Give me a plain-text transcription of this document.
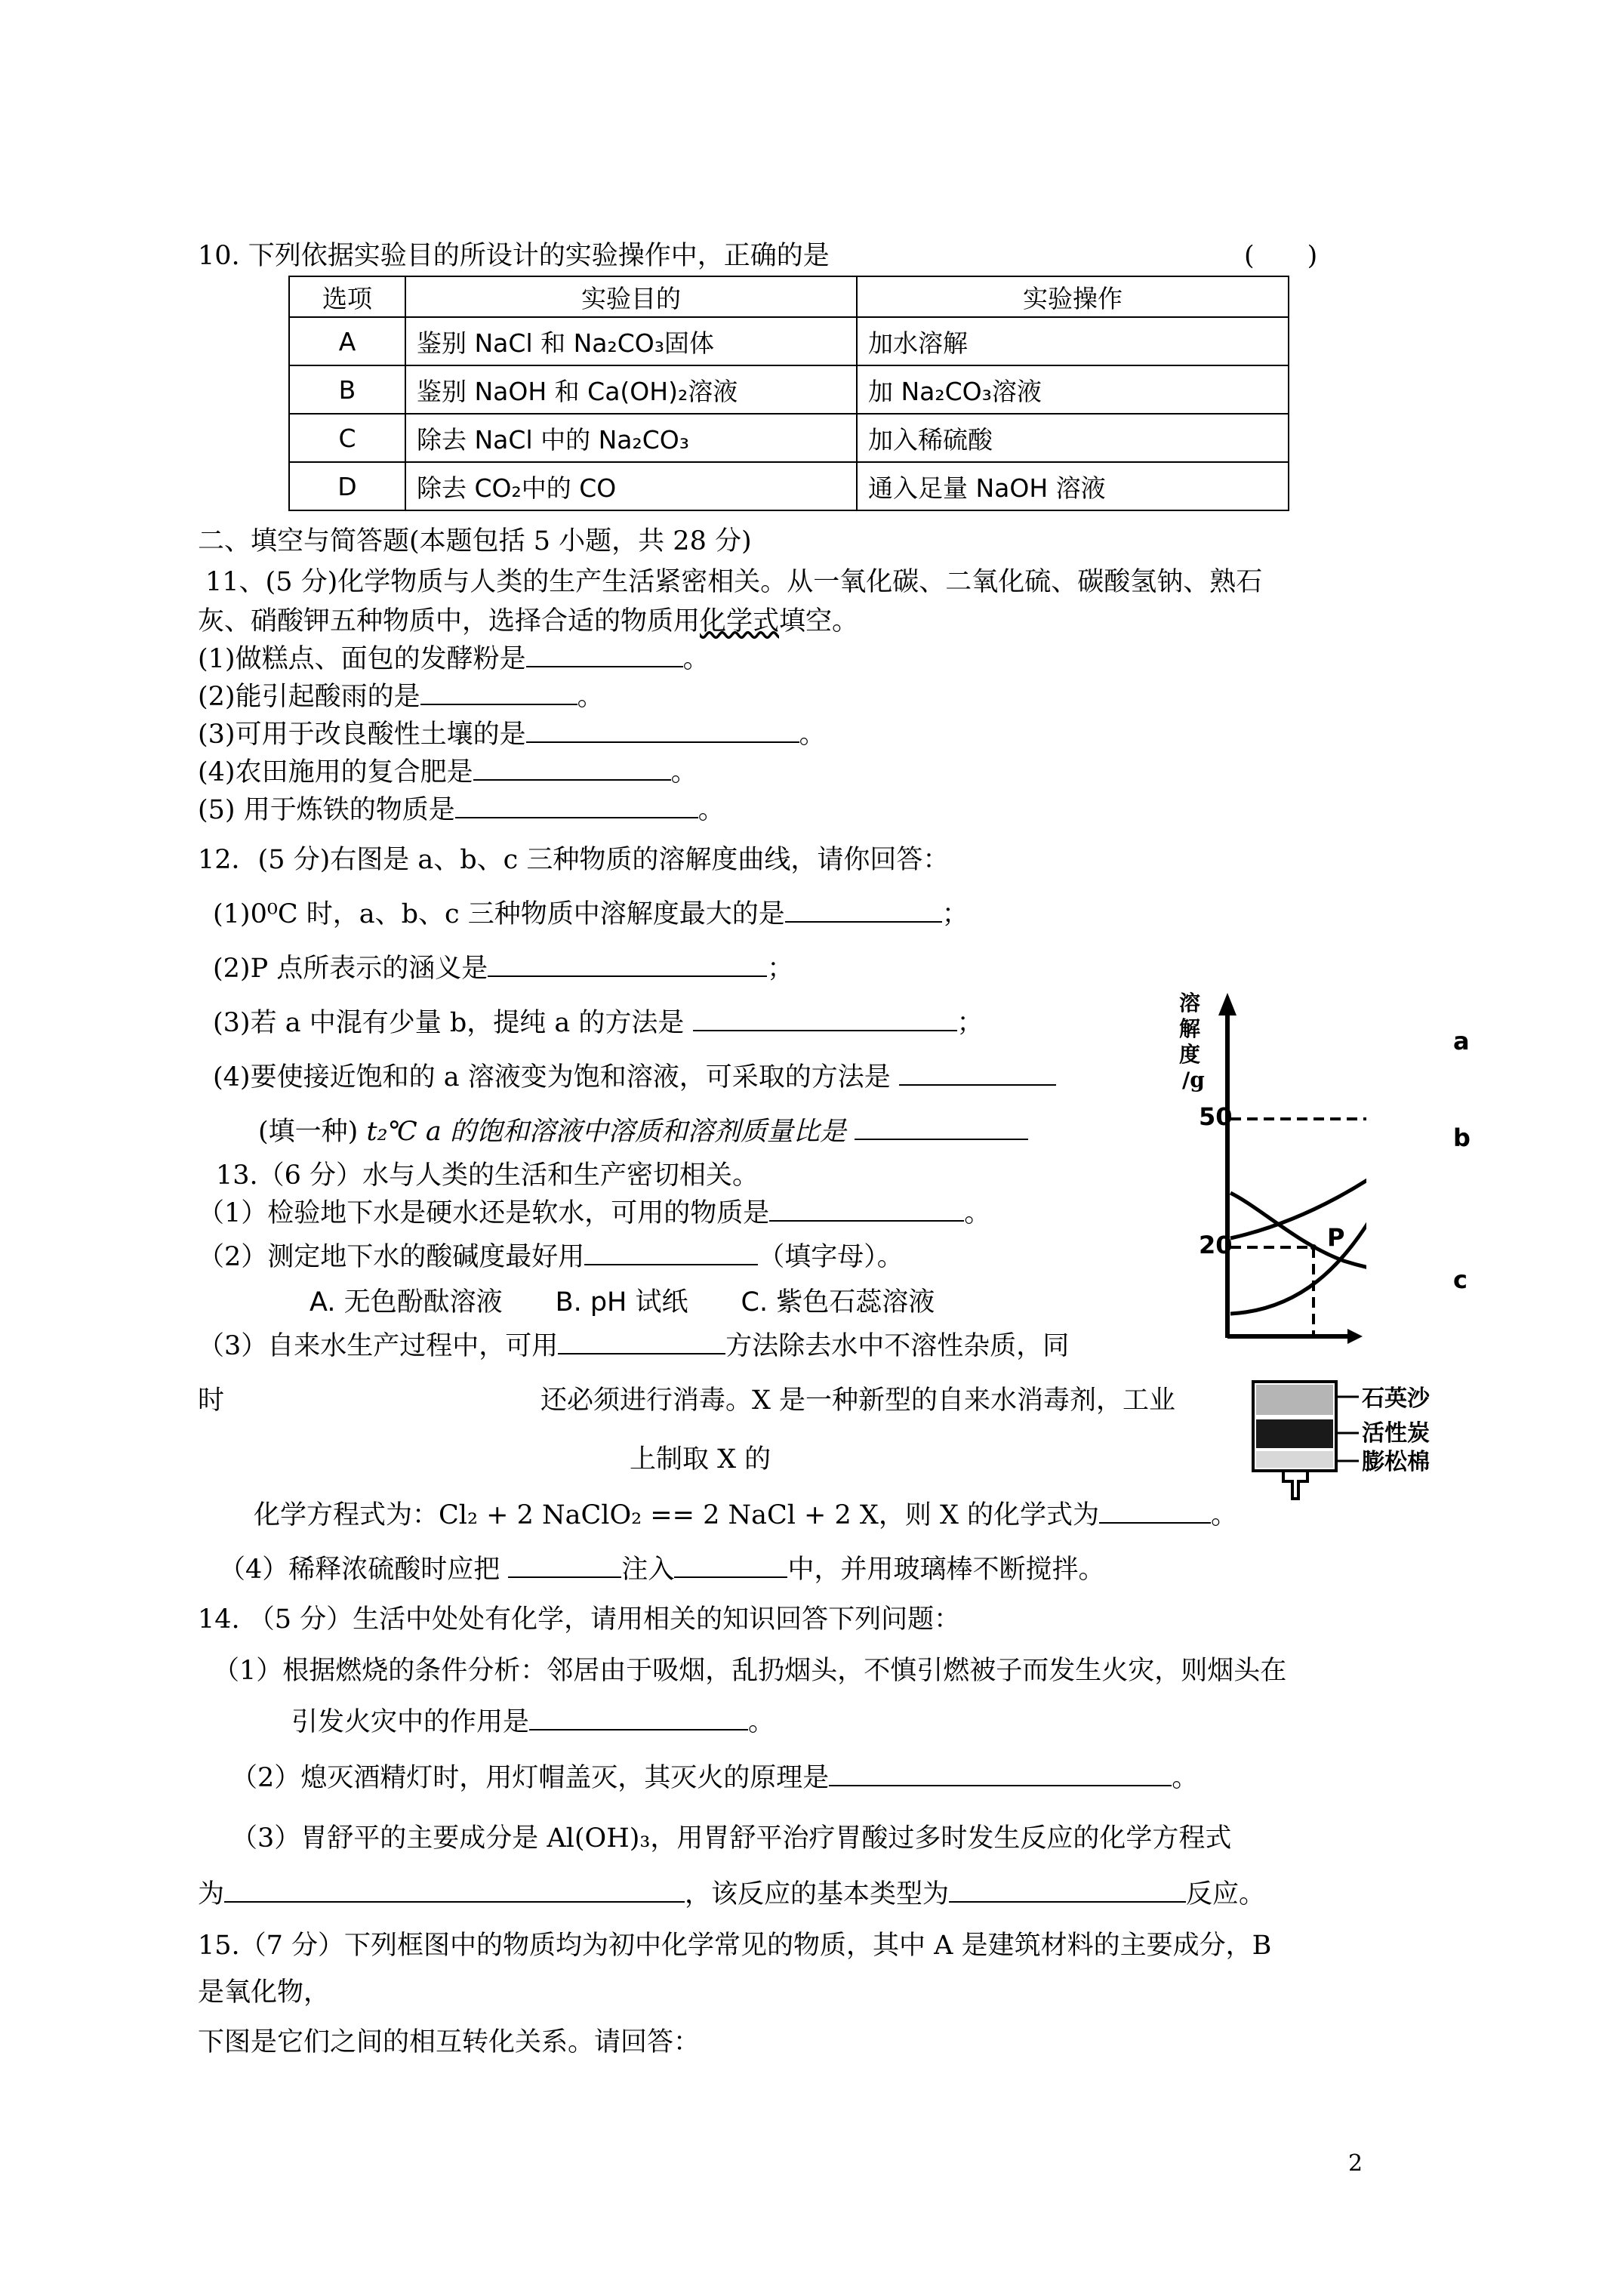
10. 下列依据实验目的所设计的实验操作中，正确的是	(　　)
选项	实验目的	实验操作
A	鉴别 NaCl 和 Na₂CO₃固体	加水溶解
B	鉴别 NaOH 和 Ca(OH)₂溶液	加 Na₂CO₃溶液
C	除去 NaCl 中的 Na₂CO₃	加入稀硫酸
D	除去 CO₂中的 CO	通入足量 NaOH 溶液
二、填空与简答题(本题包括 5 小题，共 28 分)
11、(5 分)化学物质与人类的生产生活紧密相关。从一氧化碳、二氧化硫、碳酸氢钠、熟石
灰、硝酸钾五种物质中，选择合适的物质用化学式填空。
(1)做糕点、面包的发酵粉是	。
(2)能引起酸雨的是	。
(3)可用于改良酸性土壤的是	。
(4)农田施用的复合肥是	。
(5) 用于炼铁的物质是	。
12．(5 分)右图是 a、b、c 三种物质的溶解度曲线，请你回答：
(1)0⁰C 时，a、b、c 三种物质中溶解度最大的是	；
(2)P 点所表示的涵义是	；
(3)若 a 中混有少量 b，提纯 a 的方法是	；
(4)要使接近饱和的 a 溶液变为饱和溶液，可采取的方法是
(填一种) t₂℃ a 的饱和溶液中溶质和溶剂质量比是
13.（6 分）水与人类的生活和生产密切相关。
（1）检验地下水是硬水还是软水，可用的物质是	。
（2）测定地下水的酸碱度最好用	（填字母）。
A. 无色酚酞溶液　　B. pH 试纸　　C. 紫色石蕊溶液
（3）自来水生产过程中，可用	方法除去水中不溶性杂质，同
时	还必须进行消毒。X 是一种新型的自来水消毒剂，工业
上制取 X 的
化学方程式为：Cl₂ + 2 NaClO₂ == 2 NaCl + 2 X，则 X 的化学式为	。
（4）稀释浓硫酸时应把	注入	中，并用玻璃棒不断搅拌。
14. （5 分）生活中处处有化学，请用相关的知识回答下列问题：
（1）根据燃烧的条件分析：邻居由于吸烟，乱扔烟头，不慎引燃被子而发生火灾，则烟头在
引发火灾中的作用是	。
（2）熄灭酒精灯时，用灯帽盖灭，其灭火的原理是	。
（3）胃舒平的主要成分是 Al(OH)₃，用胃舒平治疗胃酸过多时发生反应的化学方程式
为	，该反应的基本类型为	反应。
15.（7 分）下列框图中的物质均为初中化学常见的物质，其中 A 是建筑材料的主要成分，B
是氧化物，
下图是它们之间的相互转化关系。请回答：
溶解度/g
50
20	P
a
b
c
石英沙
活性炭
膨松棉
2
